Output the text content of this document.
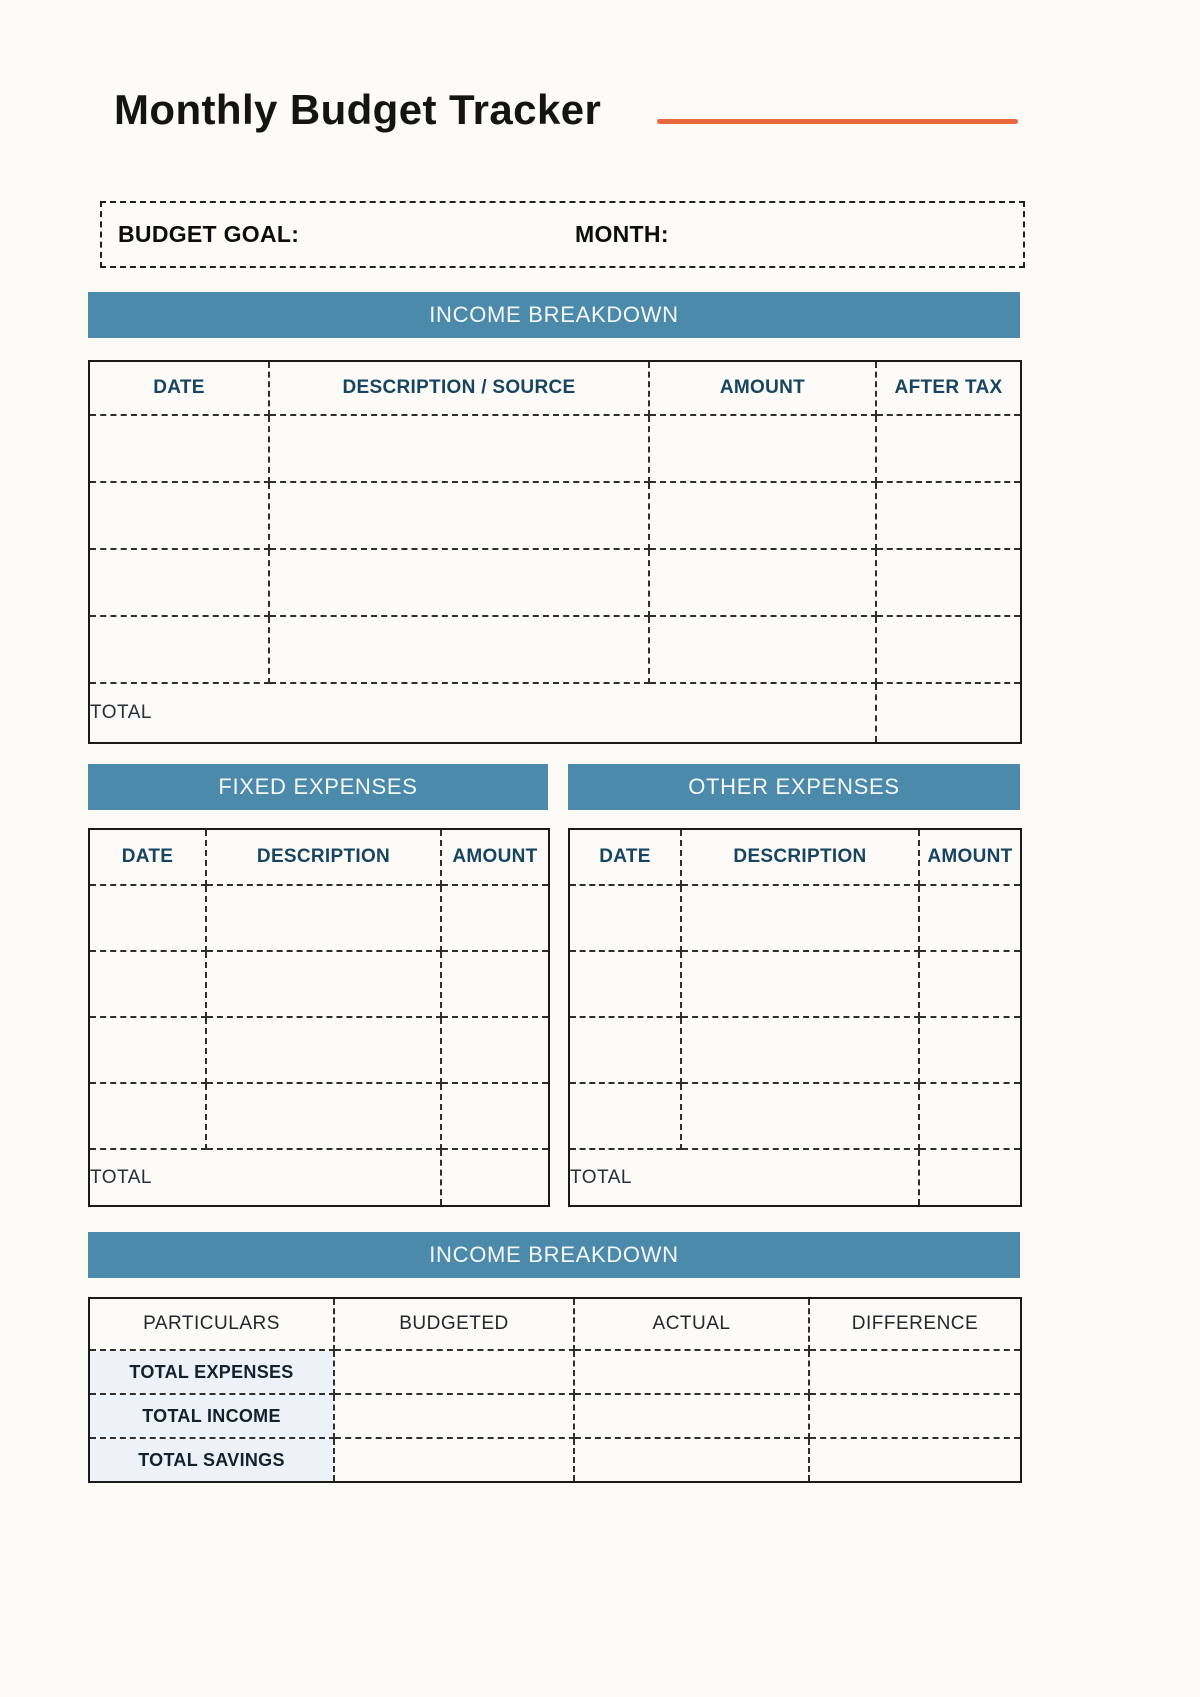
Monthly Budget Tracker
BUDGET GOAL:	MONTH:
INCOME BREAKDOWN
DATE	DESCRIPTION / SOURCE	AMOUNT	AFTER TAX

TOTAL			
FIXED EXPENSES
DATE	DESCRIPTION	AMOUNT

TOTAL		
OTHER EXPENSES
DATE	DESCRIPTION	AMOUNT

TOTAL		
INCOME BREAKDOWN
PARTICULARS	BUDGETED	ACTUAL	DIFFERENCE
TOTAL EXPENSES			
TOTAL INCOME			
TOTAL SAVINGS			
